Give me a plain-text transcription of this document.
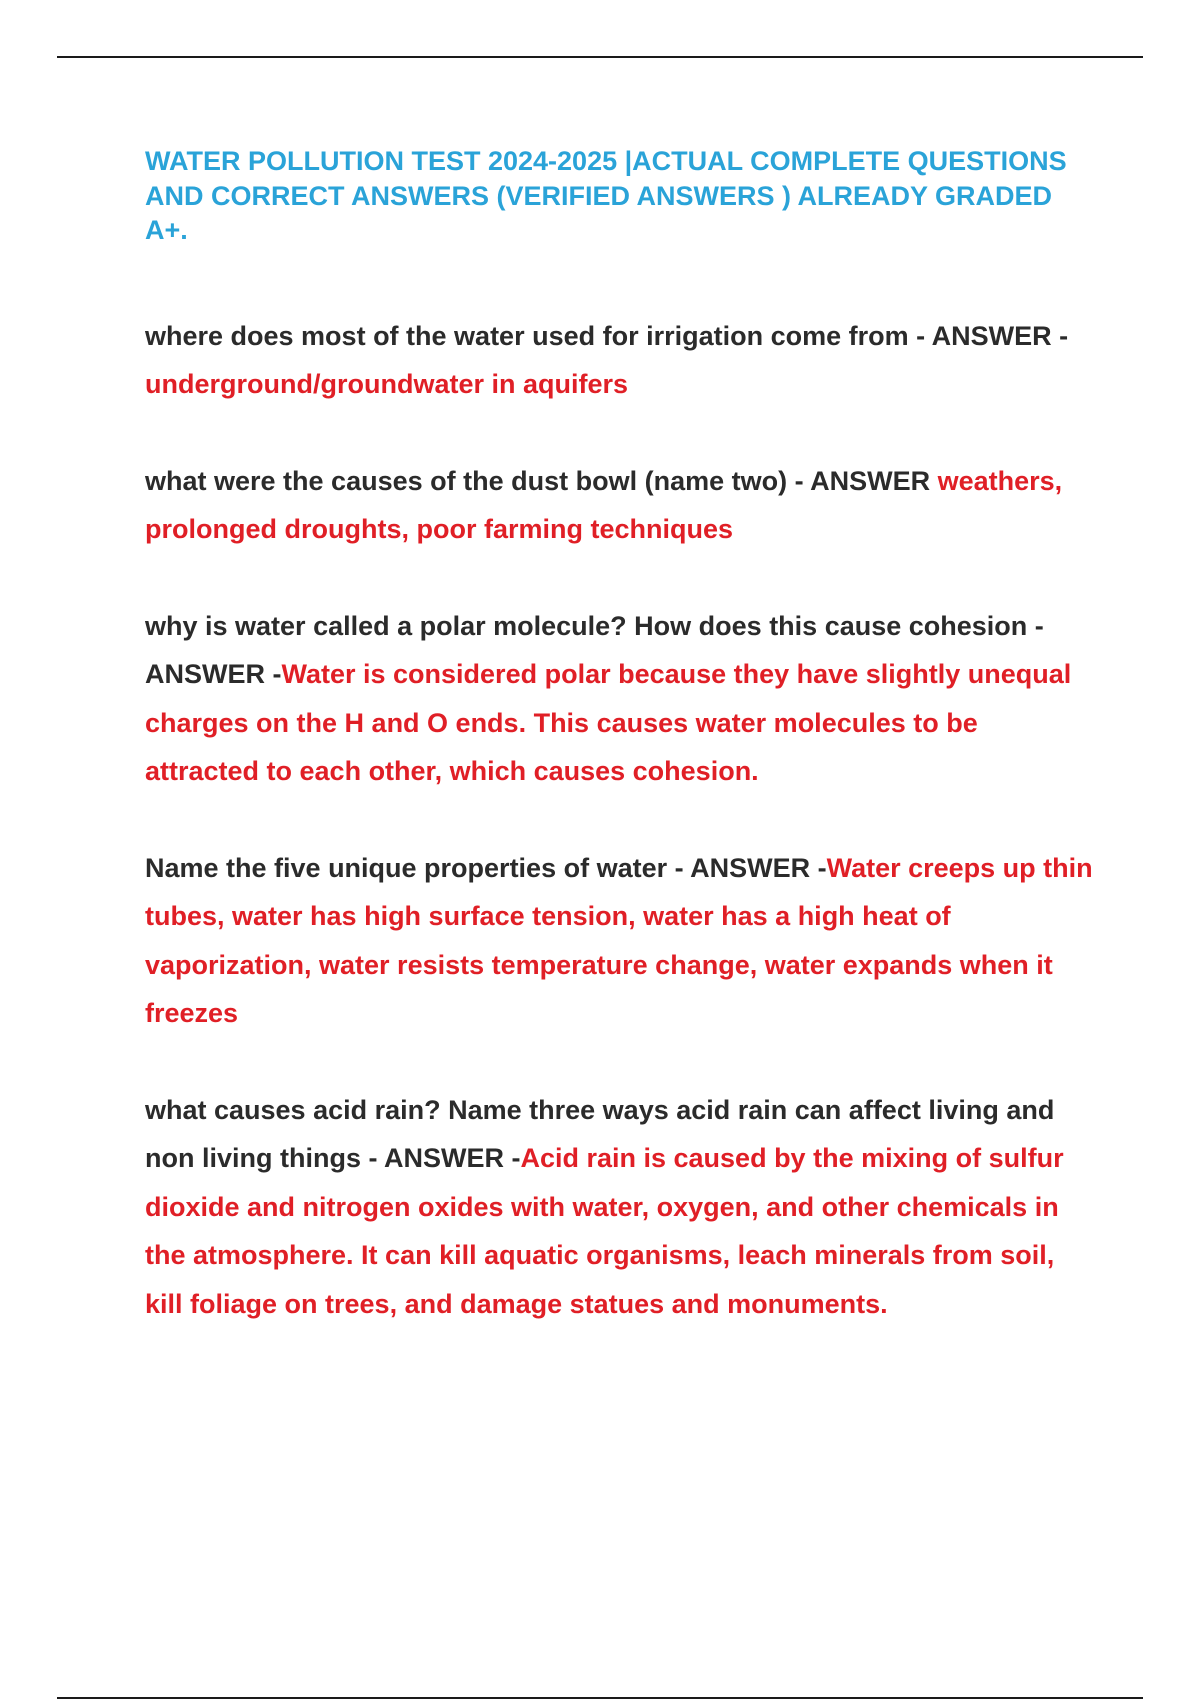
WATER POLLUTION TEST 2024-2025 |ACTUAL COMPLETE QUESTIONS AND CORRECT ANSWERS (VERIFIED ANSWERS ) ALREADY GRADED A+.

where does most of the water used for irrigation come from - ANSWER -underground/groundwater in aquifers

what were the causes of the dust bowl (name two) - ANSWER weathers, prolonged droughts, poor farming techniques

why is water called a polar molecule? How does this cause cohesion - ANSWER -Water is considered polar because they have slightly unequal charges on the H and O ends. This causes water molecules to be attracted to each other, which causes cohesion.

Name the five unique properties of water - ANSWER -Water creeps up thin tubes, water has high surface tension, water has a high heat of vaporization, water resists temperature change, water expands when it freezes

what causes acid rain? Name three ways acid rain can affect living and non living things - ANSWER -Acid rain is caused by the mixing of sulfur dioxide and nitrogen oxides with water, oxygen, and other chemicals in the atmosphere. It can kill aquatic organisms, leach minerals from soil, kill foliage on trees, and damage statues and monuments.
